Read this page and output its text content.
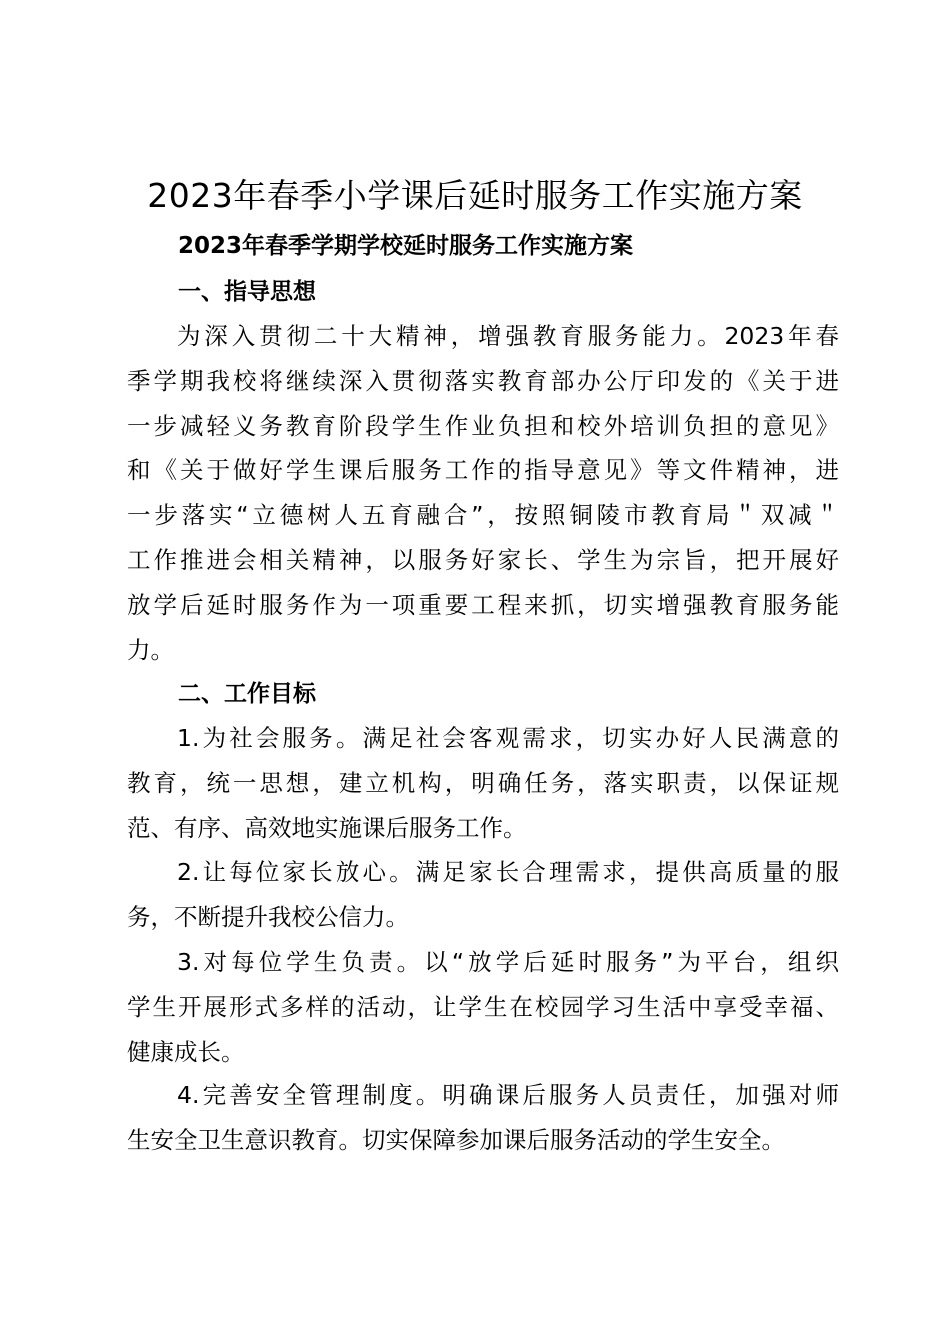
2023年春季小学课后延时服务工作实施方案
2023年春季学期学校延时服务工作实施方案
一、指导思想

为深入贯彻二十大精神，增强教育服务能力。2023年春
季学期我校将继续深入贯彻落实教育部办公厅印发的《关于进
一步减轻义务教育阶段学生作业负担和校外培训负担的意见》
和《关于做好学生课后服务工作的指导意见》等文件精神，进
一步落实“立德树人五育融合”，按照铜陵市教育局＂双减＂
工作推进会相关精神，以服务好家长、学生为宗旨，把开展好
放学后延时服务作为一项重要工程来抓，切实增强教育服务能
力。

二、工作目标

1.为社会服务。满足社会客观需求，切实办好人民满意的
教育，统一思想，建立机构，明确任务，落实职责，以保证规
范、有序、高效地实施课后服务工作。

2.让每位家长放心。满足家长合理需求，提供高质量的服
务，不断提升我校公信力。

3.对每位学生负责。以“放学后延时服务”为平台，组织
学生开展形式多样的活动，让学生在校园学习生活中享受幸福、
健康成长。

4.完善安全管理制度。明确课后服务人员责任，加强对师
生安全卫生意识教育。切实保障参加课后服务活动的学生安全。
